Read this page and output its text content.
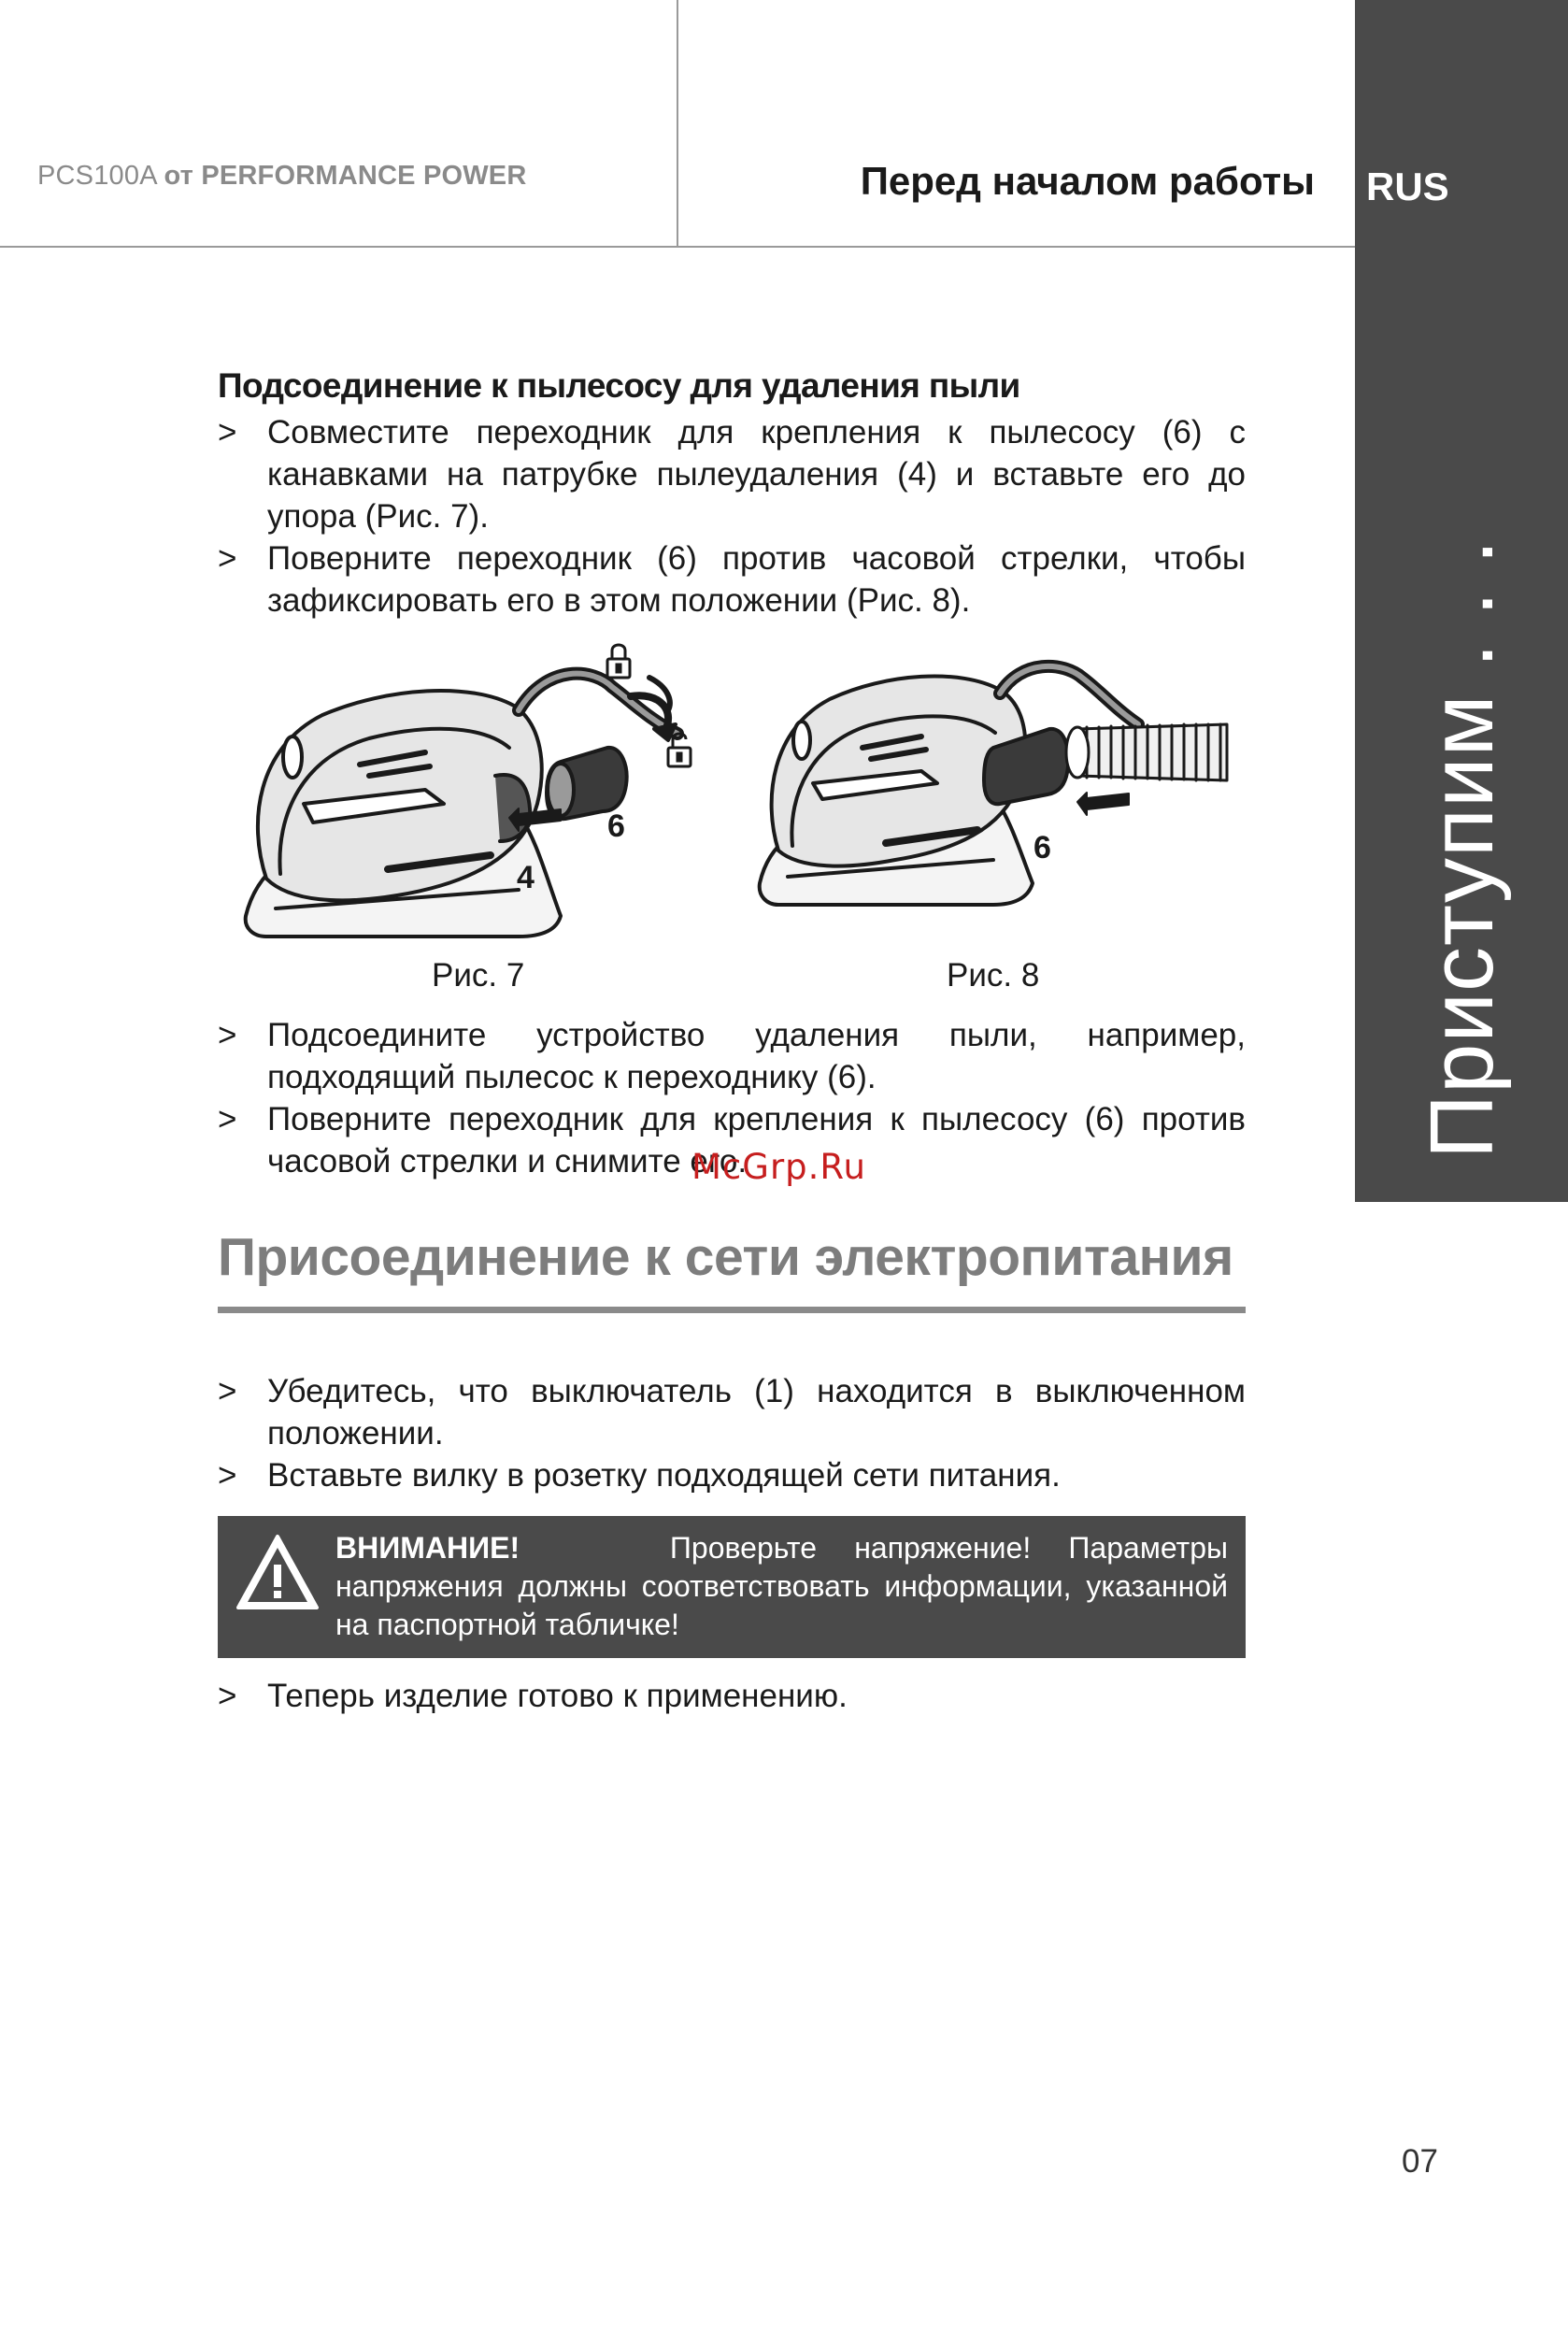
PCS100A от PERFORMANCE POWER	Перед началом работы RUS
Приступим . . .
Подсоединение к пылесосу для удаления пыли
> Совместите переходник для крепления к пылесосу (6) с канавками на патрубке пылеудаления (4) и вставьте его до упора (Рис. 7).
> Поверните переходник (6) против часовой стрелки, чтобы зафиксировать его в этом положении (Рис. 8).
6
4
Рис. 7
6
Рис. 8
> Подсоедините устройство удаления пыли, например, подходящий пылесос к переходнику (6).
> Поверните переходник для крепления к пылесосу (6) против часовой стрелки и снимите его.
McGrp.Ru
Присоединение к сети электропитания
> Убедитесь, что выключатель (1) находится в выключенном положении.
> Вставьте вилку в розетку подходящей сети питания.
ВНИМАНИЕ!	Проверьте напряжение! Параметры напряжения должны соответствовать информации, указанной на паспортной табличке!
> Теперь изделие готово к применению.
07
